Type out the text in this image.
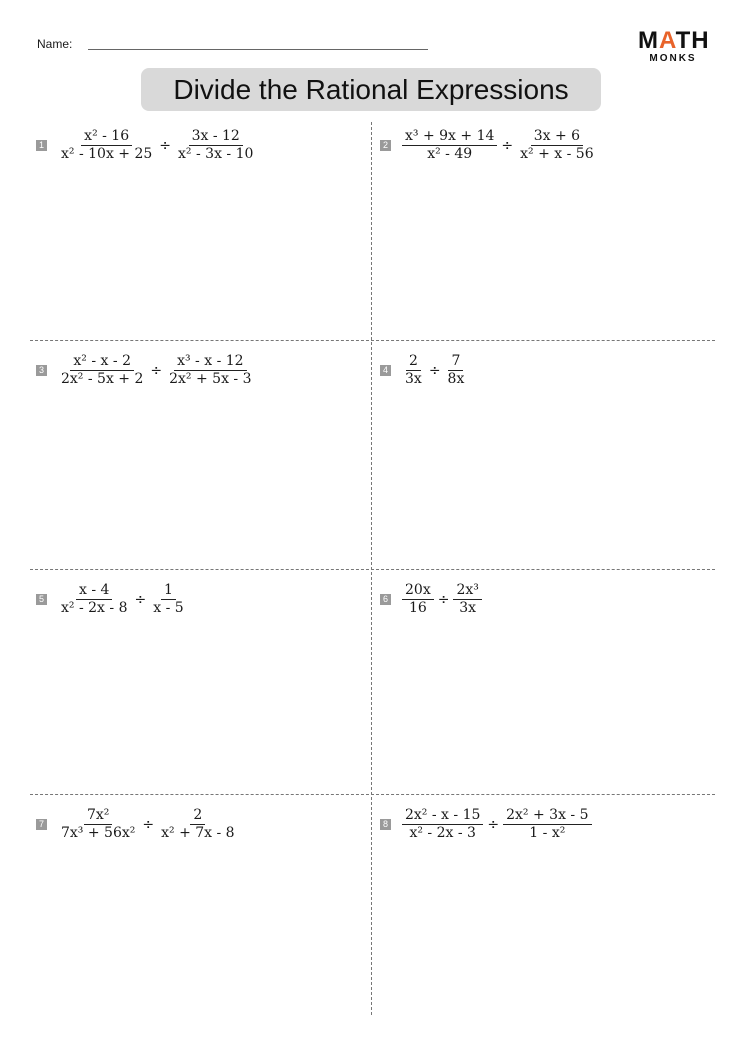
Name:	MATH
MONKS
Divide the Rational Expressions
$1 \frac{\text{x² - 16}}{\text{x² - 10x + 25}} \div \frac{3x - 12}{\text{x² - 3x - 10}}$	$2 \frac{\text{x³ + 9x + 14}}{\text{x² - 49}} \div \frac{3x + 6}{\text{x² + x - 56}}$
$3 \frac{\text{x² - x - 2}}{\text{2x² - 5x + 2}} \div \frac{\text{x³ - x - 12}}{\text{2x² + 5x - 3}}$	$4 \frac{2}{3x} \div \frac{7}{8x}$
$5 \frac{x - 4}{\text{x² - 2x - 8}} \div \frac{1}{x - 5}$	$6 \frac{20x}{16} \div \frac{\text{2x³}}{3x}$
$7 \frac{\text{7x²}}{\text{7x³ + 56x²}} \div \frac{2}{\text{x² + 7x - 8}}$	$8 \frac{\text{2x² - x - 15}}{\text{x² - 2x - 3}} \div \frac{\text{2x² + 3x - 5}}{\text{1 - x²}}$
